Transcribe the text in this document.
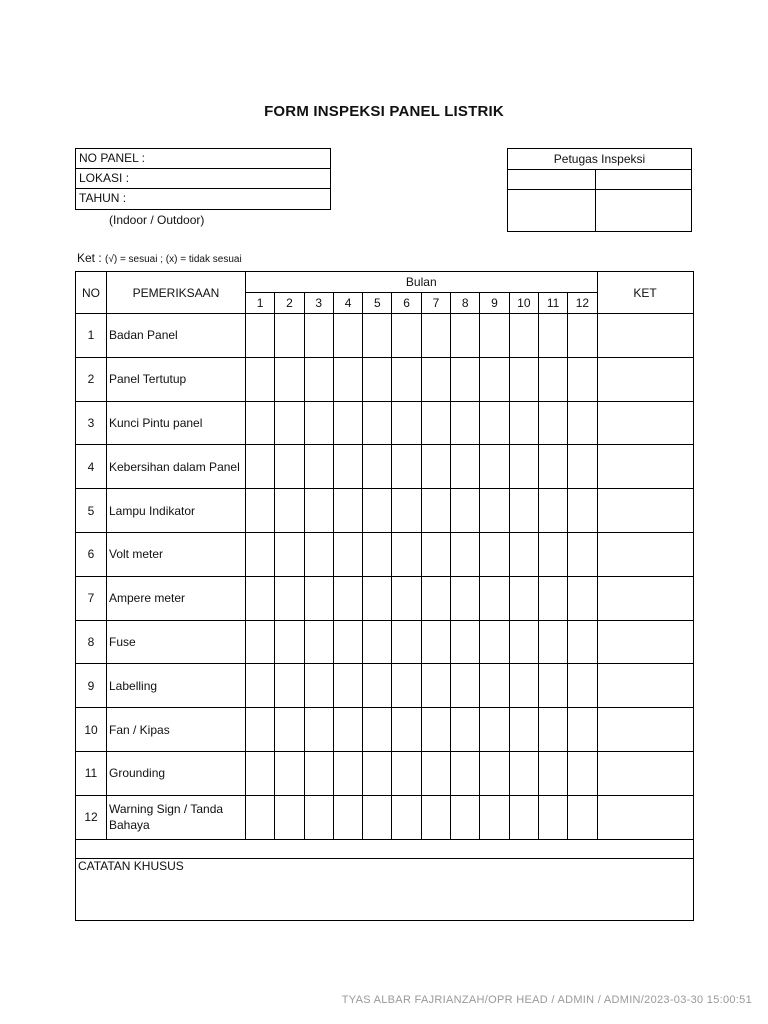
FORM INSPEKSI PANEL LISTRIK
NO PANEL :
LOKASI :
TAHUN :
(Indoor / Outdoor)
Petugas Inspeksi
Ket : (√) = sesuai ; (x) = tidak sesuai
NO	PEMERIKSAAN	Bulan												KET
		1	2	3	4	5	6	7	8	9	10	11	12	
1	Badan Panel													

2	Panel Tertutup													

3	Kunci Pintu panel													

4	Kebersihan dalam Panel													

5	Lampu Indikator													

6	Volt meter													

7	Ampere meter													

8	Fuse													

9	Labelling													

10	Fan / Kipas													

11	Grounding													

12	Warning Sign / Tanda Bahaya													

CATATAN KHUSUS														
TYAS ALBAR FAJRIANZAH/OPR HEAD / ADMIN / ADMIN/2023-03-30 15:00:51
